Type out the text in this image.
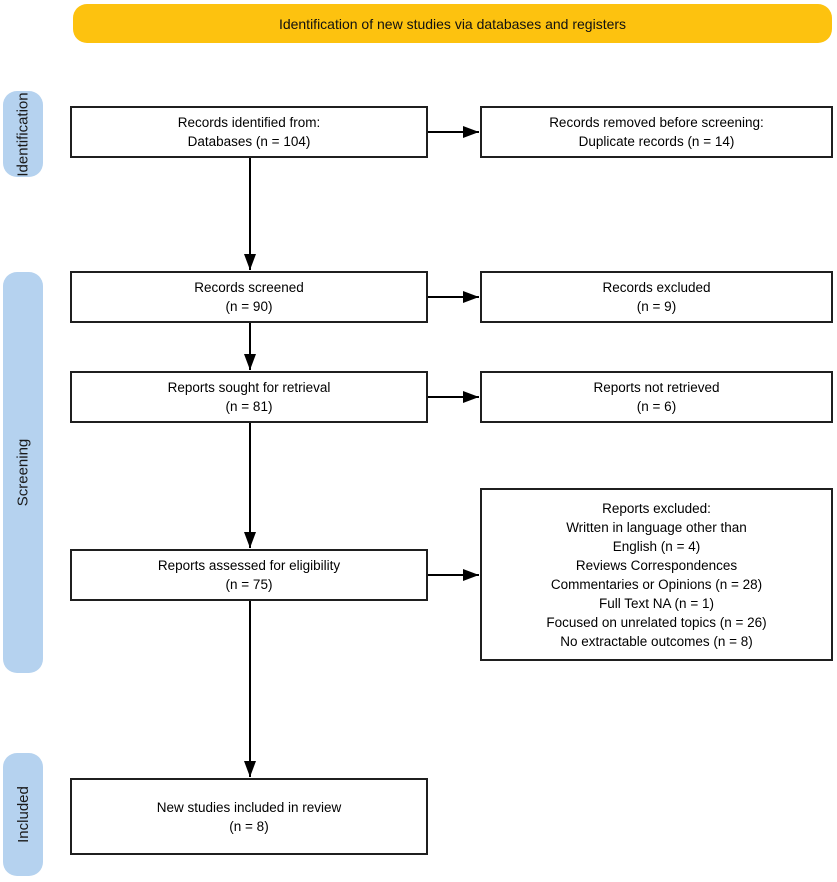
Identification of new studies via databases and registers
Identification
Screening
Included
Records identified from:
Databases (n = 104)
Records screened
(n = 90)
Reports sought for retrieval
(n = 81)
Reports assessed for eligibility
(n = 75)
New studies included in review
(n = 8)
Records removed before screening:
Duplicate records (n = 14)
Records excluded
(n = 9)
Reports not retrieved
(n = 6)
Reports excluded:
Written in language other than
English (n = 4)
Reviews Correspondences
Commentaries or Opinions (n = 28)
Full Text NA (n = 1)
Focused on unrelated topics (n = 26)
No extractable outcomes (n = 8)
